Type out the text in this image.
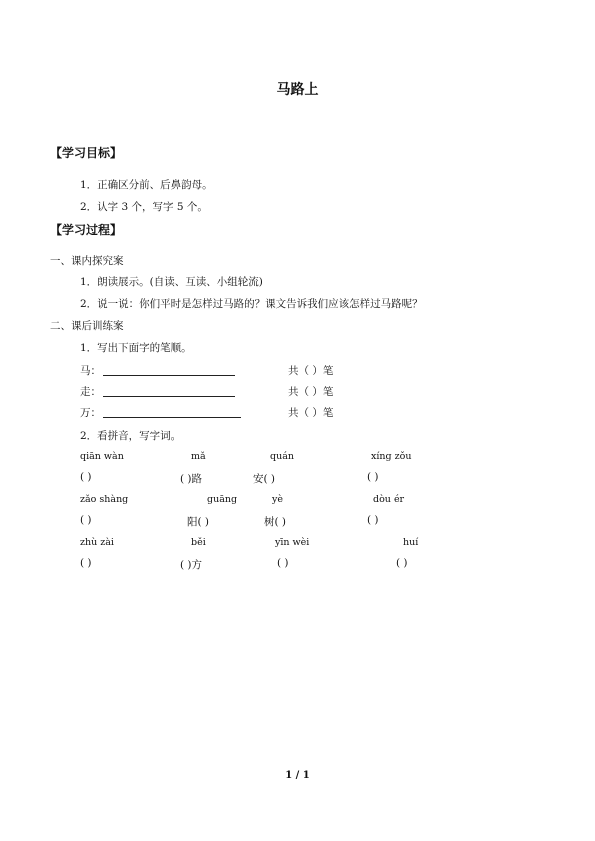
马路上
【学习目标】
1．正确区分前、后鼻韵母。
2．认字 3 个，写字 5 个。
【学习过程】
一、课内探究案
1．朗读展示。(自读、互读、小组轮流)
2．说一说：你们平时是怎样过马路的？课文告诉我们应该怎样过马路呢？
二、课后训练案
1．写出下面字的笔顺。
马：	共（ ）笔
走：	共（ ）笔
万：	共（ ）笔
2．看拼音，写字词。
qiān wàn	mǎ	quán	xíng zǒu
( )	( )路	安( )	( )
zǎo shàng	guāng	yè	dòu ér
( )	阳( )	树( )	( )
zhù zài	běi	yīn wèi	huí
( )	( )方	( )	( )
1 / 1
